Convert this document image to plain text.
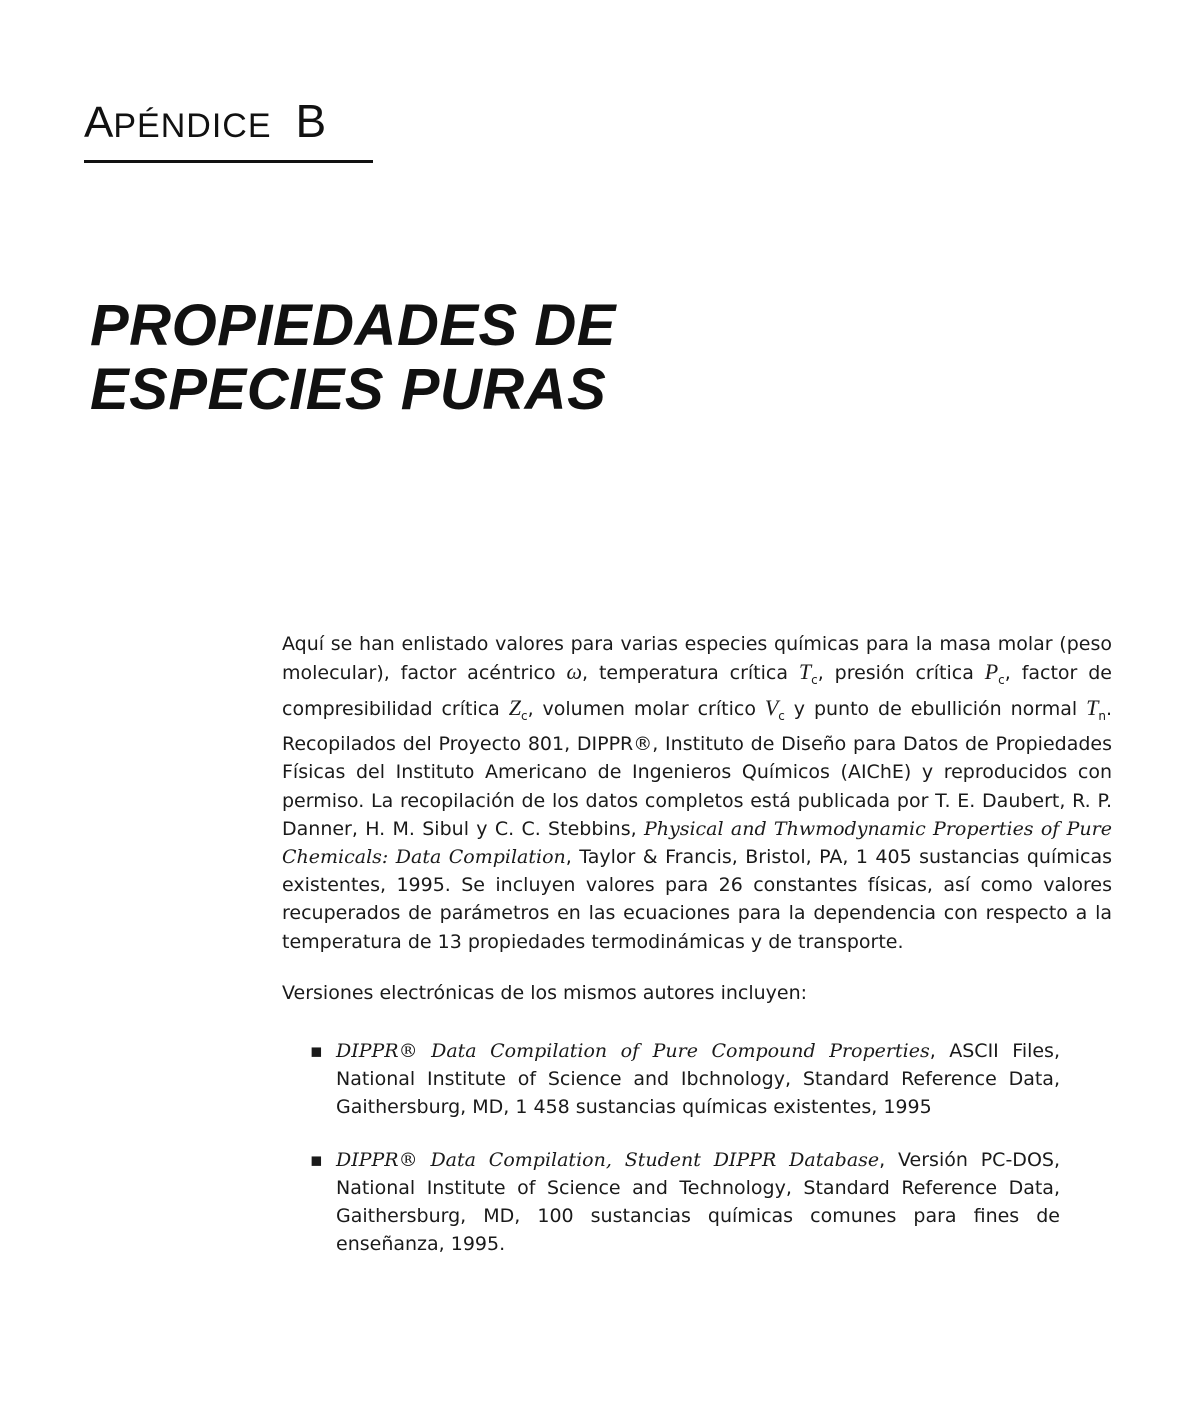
APÉNDICE B
PROPIEDADES DE
ESPECIES PURAS

Aquí se han enlistado valores para varias especies químicas para la masa molar (peso molecular), factor acéntrico ω, temperatura crítica $T_c$, presión crítica $P_c$, factor de compresibilidad crítica $Z_c$, volumen molar crítico $V_c$ y punto de ebullición normal $T_n$. Recopilados del Proyecto 801, DIPPR®, Instituto de Diseño para Datos de Propiedades Físicas del Instituto Americano de Ingenieros Químicos (AIChE) y reproducidos con permiso. La recopilación de los datos completos está publicada por T. E. Daubert, R. P. Danner, H. M. Sibul y C. C. Stebbins, Physical and Thwmodynamic Properties of Pure Chemicals: Data Compilation, Taylor & Francis, Bristol, PA, 1 405 sustancias químicas existentes, 1995. Se incluyen valores para 26 constantes físicas, así como valores recuperados de parámetros en las ecuaciones para la dependencia con respecto a la temperatura de 13 propiedades termodinámicas y de transporte.

Versiones electrónicas de los mismos autores incluyen:

▪ DIPPR® Data Compilation of Pure Compound Properties, ASCII Files, National Institute of Science and Ibchnology, Standard Reference Data, Gaithersburg, MD, 1 458 sustancias químicas existentes, 1995
▪ DIPPR® Data Compilation, Student DIPPR Database, Versión PC-DOS, National Institute of Science and Technology, Standard Reference Data, Gaithersburg, MD, 100 sustancias químicas comunes para fines de enseñanza, 1995.
